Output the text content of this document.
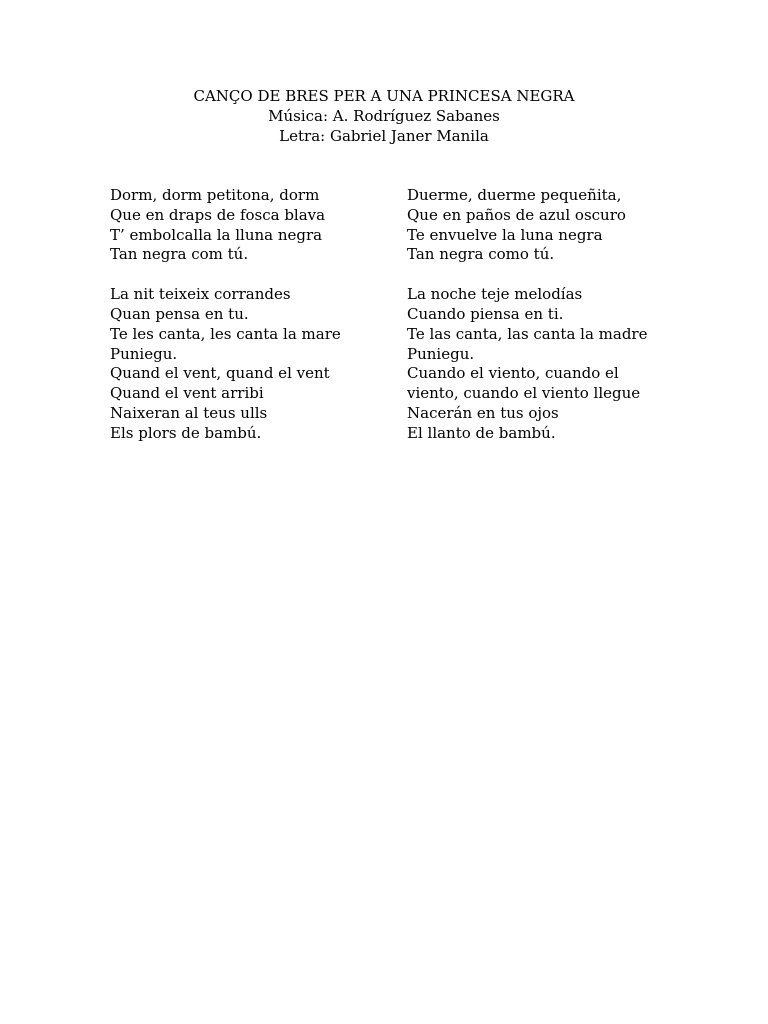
CANÇO DE BRES PER A UNA PRINCESA NEGRA
Música: A. Rodríguez Sabanes
Letra: Gabriel Janer Manila
Dorm, dorm petitona, dorm
Que en draps de fosca blava
T’ embolcalla la lluna negra
Tan negra com tú.
La nit teixeix corrandes
Quan pensa en tu.
Te les canta, les canta la mare
Puniegu.
Quand el vent, quand el vent
Quand el vent arribi
Naixeran al teus ulls
Els plors de bambú.
Duerme, duerme pequeñita,
Que en paños de azul oscuro
Te envuelve la luna negra
Tan negra como tú.
La noche teje melodías
Cuando piensa en ti.
Te las canta, las canta la madre
Puniegu.
Cuando el viento, cuando el
viento, cuando el viento llegue
Nacerán en tus ojos
El llanto de bambú.
